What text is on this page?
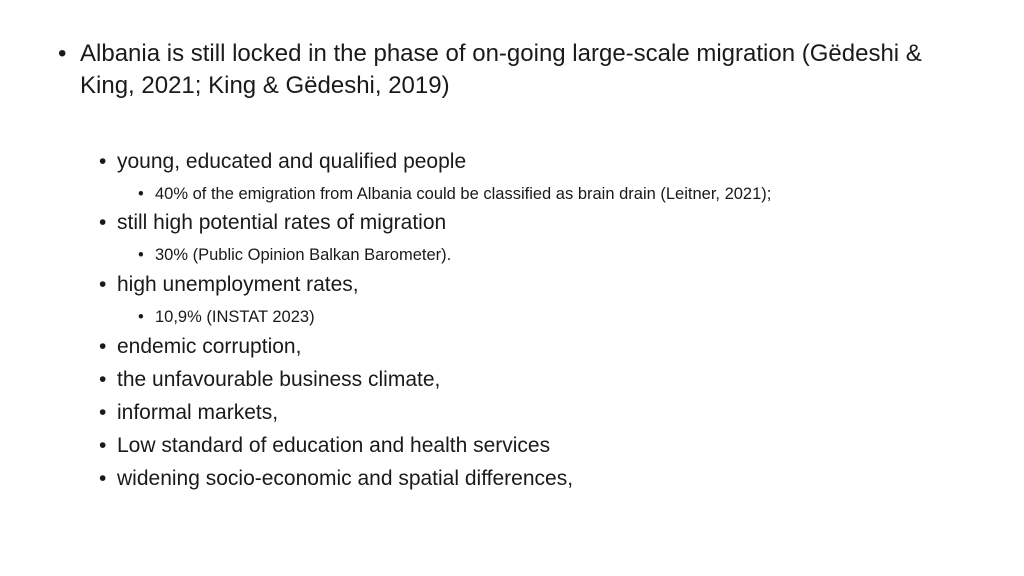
• Albania is still locked in the phase of on-going large-scale migration (Gëdeshi & King, 2021; King & Gëdeshi, 2019)
• young, educated and qualified people
• 40% of the emigration from Albania could be classified as brain drain (Leitner, 2021);
• still high potential rates of migration
• 30% (Public Opinion Balkan Barometer).
• high unemployment rates,
• 10,9% (INSTAT 2023)
• endemic corruption,
• the unfavourable business climate,
• informal markets,
• Low standard of education and health services
• widening socio-economic and spatial differences,
